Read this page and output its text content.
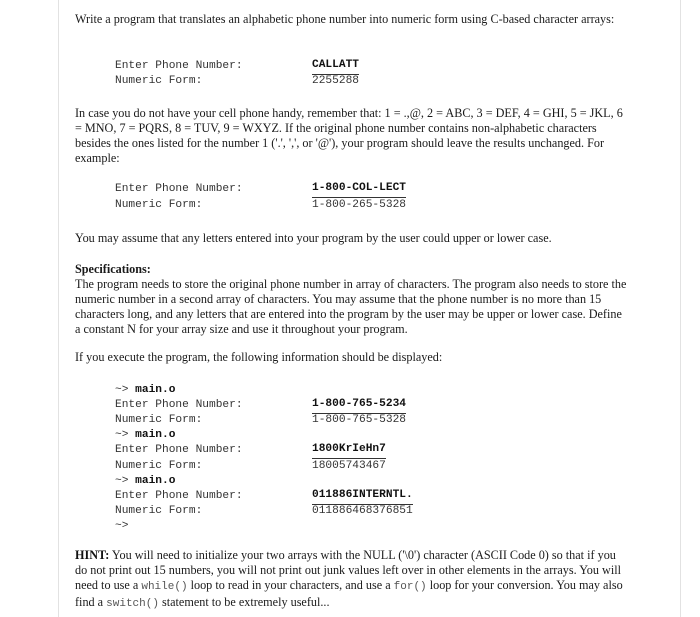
Write a program that translates an alphabetic phone number into numeric form using C-based character arrays:
Enter Phone Number:	CALLATT
Numeric Form:	2255288
In case you do not have your cell phone handy, remember that: 1 = .,@, 2 = ABC, 3 = DEF, 4 = GHI, 5 = JKL, 6 = MNO, 7 = PQRS, 8 = TUV, 9 = WXYZ. If the original phone number contains non-alphabetic characters besides the ones listed for the number 1 ('.', ',', or '@'), your program should leave the results unchanged. For example:
Enter Phone Number:	1-800-COL-LECT
Numeric Form:	1-800-265-5328
You may assume that any letters entered into your program by the user could upper or lower case.
Specifications:
The program needs to store the original phone number in array of characters. The program also needs to store the numeric number in a second array of characters. You may assume that the phone number is no more than 15 characters long, and any letters that are entered into the program by the user may be upper or lower case. Define a constant N for your array size and use it throughout your program.
If you execute the program, the following information should be displayed:
~> main.o
Enter Phone Number:	1-800-765-5234
Numeric Form:	1-800-765-5328
~> main.o
Enter Phone Number:	1800KrIeHn7
Numeric Form:	18005743467
~> main.o
Enter Phone Number:	011886INTERNTL.
Numeric Form:	011886468376851
~>
HINT: You will need to initialize your two arrays with the NULL ('\0') character (ASCII Code 0) so that if you do not print out 15 numbers, you will not print out junk values left over in other elements in the arrays. You will need to use a while() loop to read in your characters, and use a for() loop for your conversion. You may also find a switch() statement to be extremely useful...
